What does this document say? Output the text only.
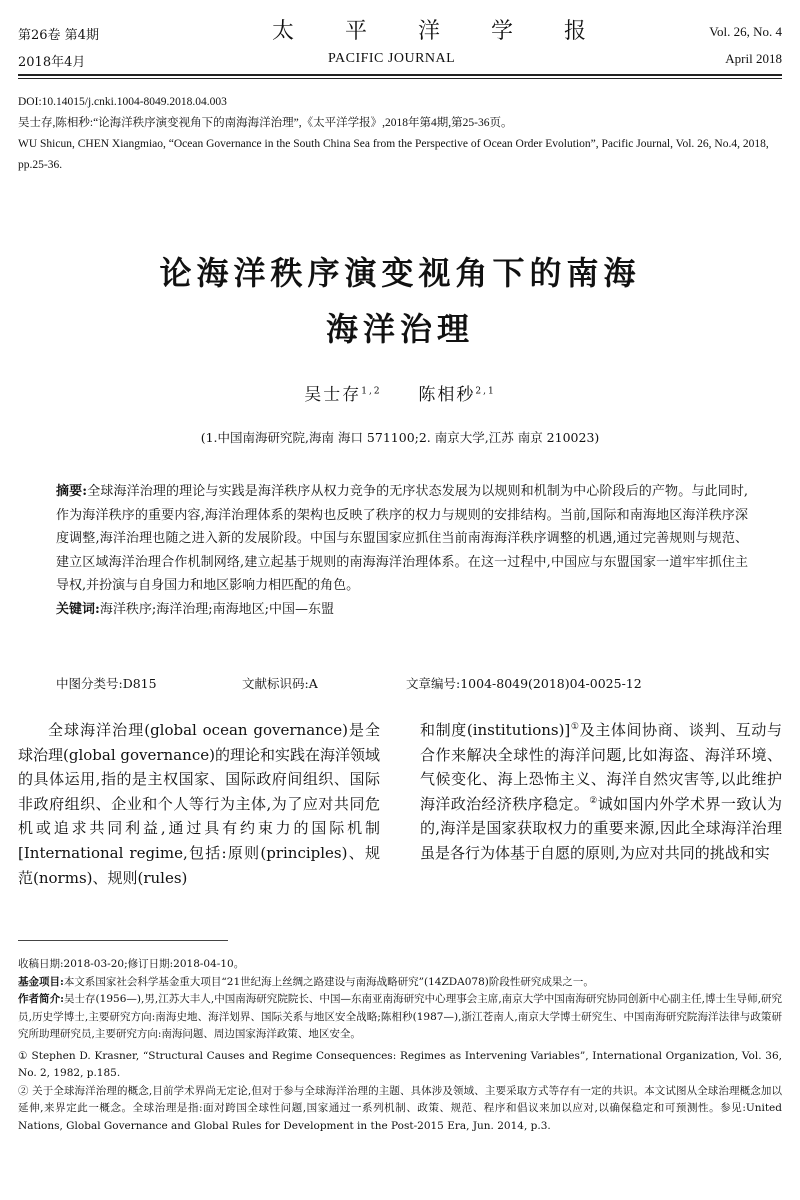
第26卷 第4期
2018年4月
太 平 洋 学 报
PACIFIC JOURNAL
Vol. 26, No. 4
April 2018
DOI:10.14015/j.cnki.1004-8049.2018.04.003
吴士存,陈相秒:“论海洋秩序演变视角下的南海海洋治理”,《太平洋学报》,2018年第4期,第25-36页。
WU Shicun, CHEN Xiangmiao, “Ocean Governance in the South China Sea from the Perspective of Ocean Order Evolution”, Pacific Journal, Vol. 26, No.4, 2018, pp.25-36.
论海洋秩序演变视角下的南海
海洋治理
吴士存$^{1,2}$ 陈相秒$^{2,1}$
(1.中国南海研究院,海南 海口 571100;2. 南京大学,江苏 南京 210023)
摘要:全球海洋治理的理论与实践是海洋秩序从权力竞争的无序状态发展为以规则和机制为中心阶段后的产物。与此同时,作为海洋秩序的重要内容,海洋治理体系的架构也反映了秩序的权力与规则的安排结构。当前,国际和南海地区海洋秩序深度调整,海洋治理也随之进入新的发展阶段。中国与东盟国家应抓住当前南海海洋秩序调整的机遇,通过完善规则与规范、建立区域海洋治理合作机制网络,建立起基于规则的南海海洋治理体系。在这一过程中,中国应与东盟国家一道牢牢抓住主导权,并扮演与自身国力和地区影响力相匹配的角色。
关键词:海洋秩序;海洋治理;南海地区;中国—东盟
中图分类号:D815	文献标识码:A	文章编号:1004-8049(2018)04-0025-12

全球海洋治理(global ocean governance)是全球治理(global governance)的理论和实践在海洋领域的具体运用,指的是主权国家、国际政府间组织、国际非政府组织、企业和个人等行为主体,为了应对共同危机或追求共同利益,通过具有约束力的国际机制[International regime,包括:原则(principles)、规范(norms)、规则(rules)

和制度(institutions)]①及主体间协商、谈判、互动与合作来解决全球性的海洋问题,比如海盗、海洋环境、气候变化、海上恐怖主义、海洋自然灾害等,以此维护海洋政治经济秩序稳定。②诚如国内外学术界一致认为的,海洋是国家获取权力的重要来源,因此全球海洋治理虽是各行为体基于自愿的原则,为应对共同的挑战和实

收稿日期:2018-03-20;修订日期:2018-04-10。

基金项目:本文系国家社会科学基金重大项目“21世纪海上丝绸之路建设与南海战略研究”(14ZDA078)阶段性研究成果之一。

作者简介:吴士存(1956—),男,江苏大丰人,中国南海研究院院长、中国—东南亚南海研究中心理事会主席,南京大学中国南海研究协同创新中心副主任,博士生导师,研究员,历史学博士,主要研究方向:南海史地、海洋划界、国际关系与地区安全战略;陈相秒(1987—),浙江苍南人,南京大学博士研究生、中国南海研究院海洋法律与政策研究所助理研究员,主要研究方向:南海问题、周边国家海洋政策、地区安全。

① Stephen D. Krasner, “Structural Causes and Regime Consequences: Regimes as Intervening Variables”, International Organization, Vol. 36, No. 2, 1982, p.185.

② 关于全球海洋治理的概念,目前学术界尚无定论,但对于参与全球海洋治理的主题、具体涉及领域、主要采取方式等存有一定的共识。本文试图从全球治理概念加以延伸,来界定此一概念。全球治理是指:面对跨国全球性问题,国家通过一系列机制、政策、规范、程序和倡议来加以应对,以确保稳定和可预测性。参见:United Nations, Global Governance and Global Rules for Development in the Post-2015 Era, Jun. 2014, p.3.
